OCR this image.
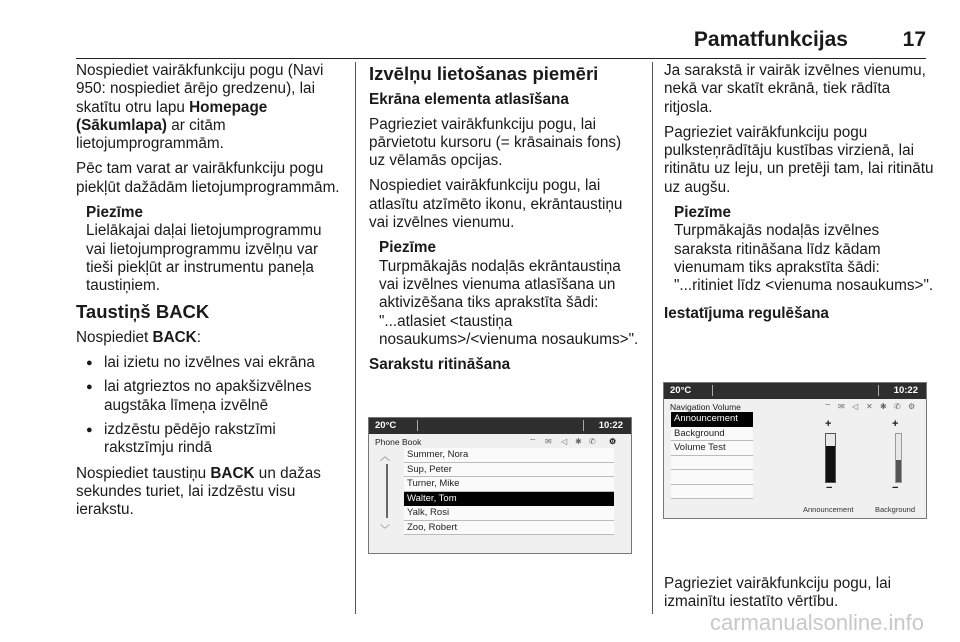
Pamatfunkcijas	17

Nospiediet vairākfunkciju pogu (Navi 950: nospiediet ārējo gredzenu), lai skatītu otru lapu Homepage (Sākumlapa) ar citām lietojumprogrammām.

Pēc tam varat ar vairākfunkciju pogu piekļūt dažādām lietojumprogrammām.

Piezīme
Lielākajai daļai lietojumprogrammu vai lietojumprogrammu izvēlņu var tieši piekļūt ar instrumentu paneļa taustiņiem.
Taustiņš BACK

Nospiediet BACK:

● lai izietu no izvēlnes vai ekrāna
● lai atgrieztos no apakšizvēlnes augstāka līmeņa izvēlnē
● izdzēstu pēdējo rakstzīmi rakstzīmju rindā

Nospiediet taustiņu BACK un dažas sekundes turiet, lai izdzēstu visu ierakstu.

Izvēlņu lietošanas piemēri
Ekrāna elementa atlasīšana

Pagrieziet vairākfunkciju pogu, lai pārvietotu kursoru (= krāsainais fons) uz vēlamās opcijas.

Nospiediet vairākfunkciju pogu, lai atlasītu atzīmēto ikonu, ekrāntaustiņu vai izvēlnes vienumu.

Piezīme
Turpmākajās nodaļās ekrāntaustiņa vai izvēlnes vienuma atlasīšana un aktivizēšana tiks aprakstīta šādi: "...atlasiet <taustiņa nosaukums>/<vienuma nosaukums>".
Sarakstu ritināšana
20°C	10:22
Phone Book	⌔ ✉ ◁ ✱ ✆ ⚙
︿
﹀
Summer, Nora
Sup, Peter
Turner, Mike
Walter, Tom
Yalk, Rosi
Zoo, Robert

Ja sarakstā ir vairāk izvēlnes vienumu, nekā var skatīt ekrānā, tiek rādīta ritjosla.

Pagrieziet vairākfunkciju pogu pulksteņrādītāju kustības virzienā, lai ritinātu uz leju, un pretēji tam, lai ritinātu uz augšu.

Piezīme
Turpmākajās nodaļās izvēlnes saraksta ritināšana līdz kādam vienumam tiks aprakstīta šādi: "...ritiniet līdz <vienuma nosaukums>".
Iestatījuma regulēšana
20°C	10:22
Navigation Volume	⌔ ✉ ◁ ✕ ✱ ✆ ⚙
Announcement
Background
Volume Test
+
−
Announcement
+
−
Background

Pagrieziet vairākfunkciju pogu, lai izmainītu iestatīto vērtību.

carmanualsonline.info
